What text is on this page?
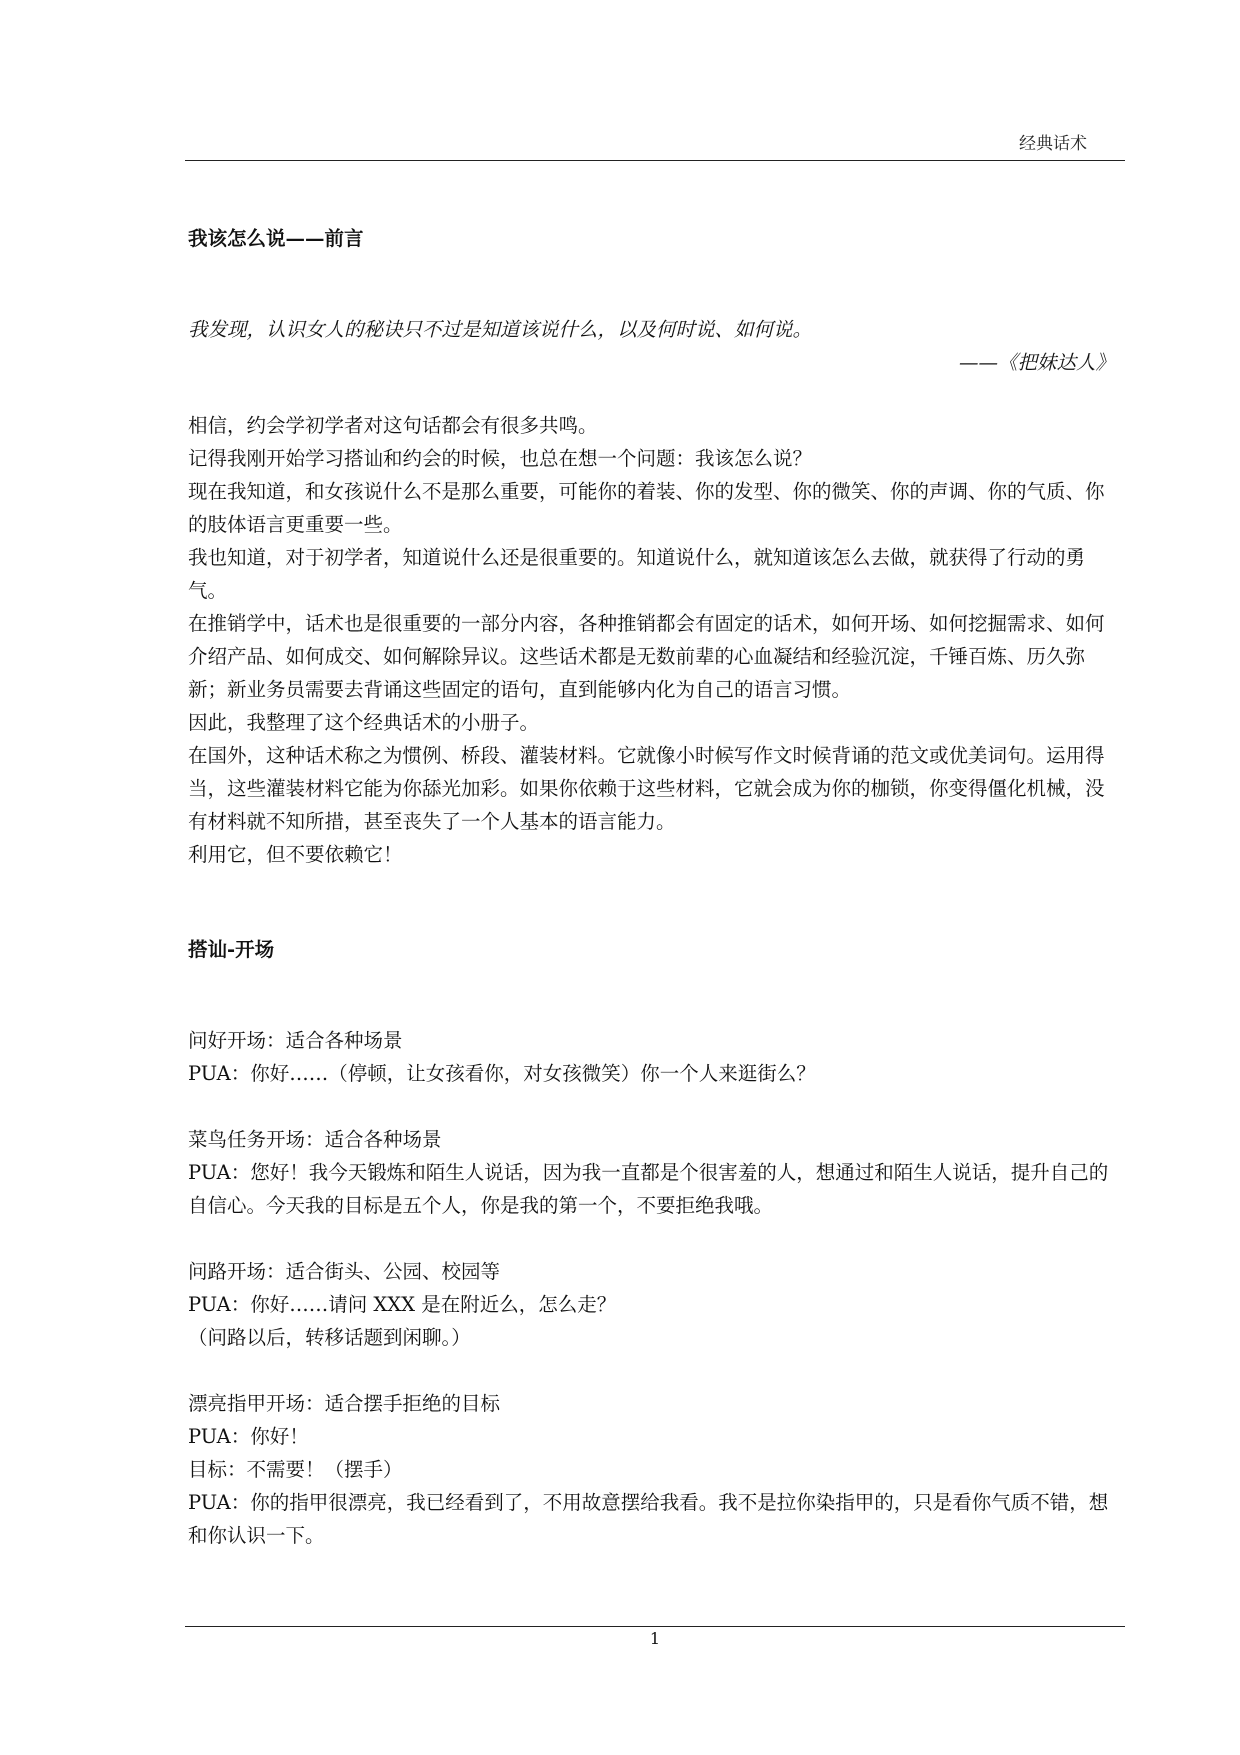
经典话术
我该怎么说——前言
我发现，认识女人的秘诀只不过是知道该说什么，以及何时说、如何说。
——《把妹达人》

相信，约会学初学者对这句话都会有很多共鸣。

记得我刚开始学习搭讪和约会的时候，也总在想一个问题：我该怎么说？

现在我知道，和女孩说什么不是那么重要，可能你的着装、你的发型、你的微笑、你的声调、你的气质、你的肢体语言更重要一些。

我也知道，对于初学者，知道说什么还是很重要的。知道说什么，就知道该怎么去做，就获得了行动的勇气。

在推销学中，话术也是很重要的一部分内容，各种推销都会有固定的话术，如何开场、如何挖掘需求、如何介绍产品、如何成交、如何解除异议。这些话术都是无数前辈的心血凝结和经验沉淀，千锤百炼、历久弥新；新业务员需要去背诵这些固定的语句，直到能够内化为自己的语言习惯。

因此，我整理了这个经典话术的小册子。

在国外，这种话术称之为惯例、桥段、灌装材料。它就像小时候写作文时候背诵的范文或优美词句。运用得当，这些灌装材料它能为你舔光加彩。如果你依赖于这些材料，它就会成为你的枷锁，你变得僵化机械，没有材料就不知所措，甚至丧失了一个人基本的语言能力。

利用它，但不要依赖它！

搭讪-开场

问好开场：适合各种场景

PUA：你好……（停顿，让女孩看你，对女孩微笑）你一个人来逛街么？

菜鸟任务开场：适合各种场景

PUA：您好！我今天锻炼和陌生人说话，因为我一直都是个很害羞的人，想通过和陌生人说话，提升自己的自信心。今天我的目标是五个人，你是我的第一个，不要拒绝我哦。

问路开场：适合街头、公园、校园等

PUA：你好……请问 XXX 是在附近么，怎么走？

（问路以后，转移话题到闲聊。）

漂亮指甲开场：适合摆手拒绝的目标

PUA：你好！

目标：不需要！（摆手）

PUA：你的指甲很漂亮，我已经看到了，不用故意摆给我看。我不是拉你染指甲的，只是看你气质不错，想和你认识一下。

1
